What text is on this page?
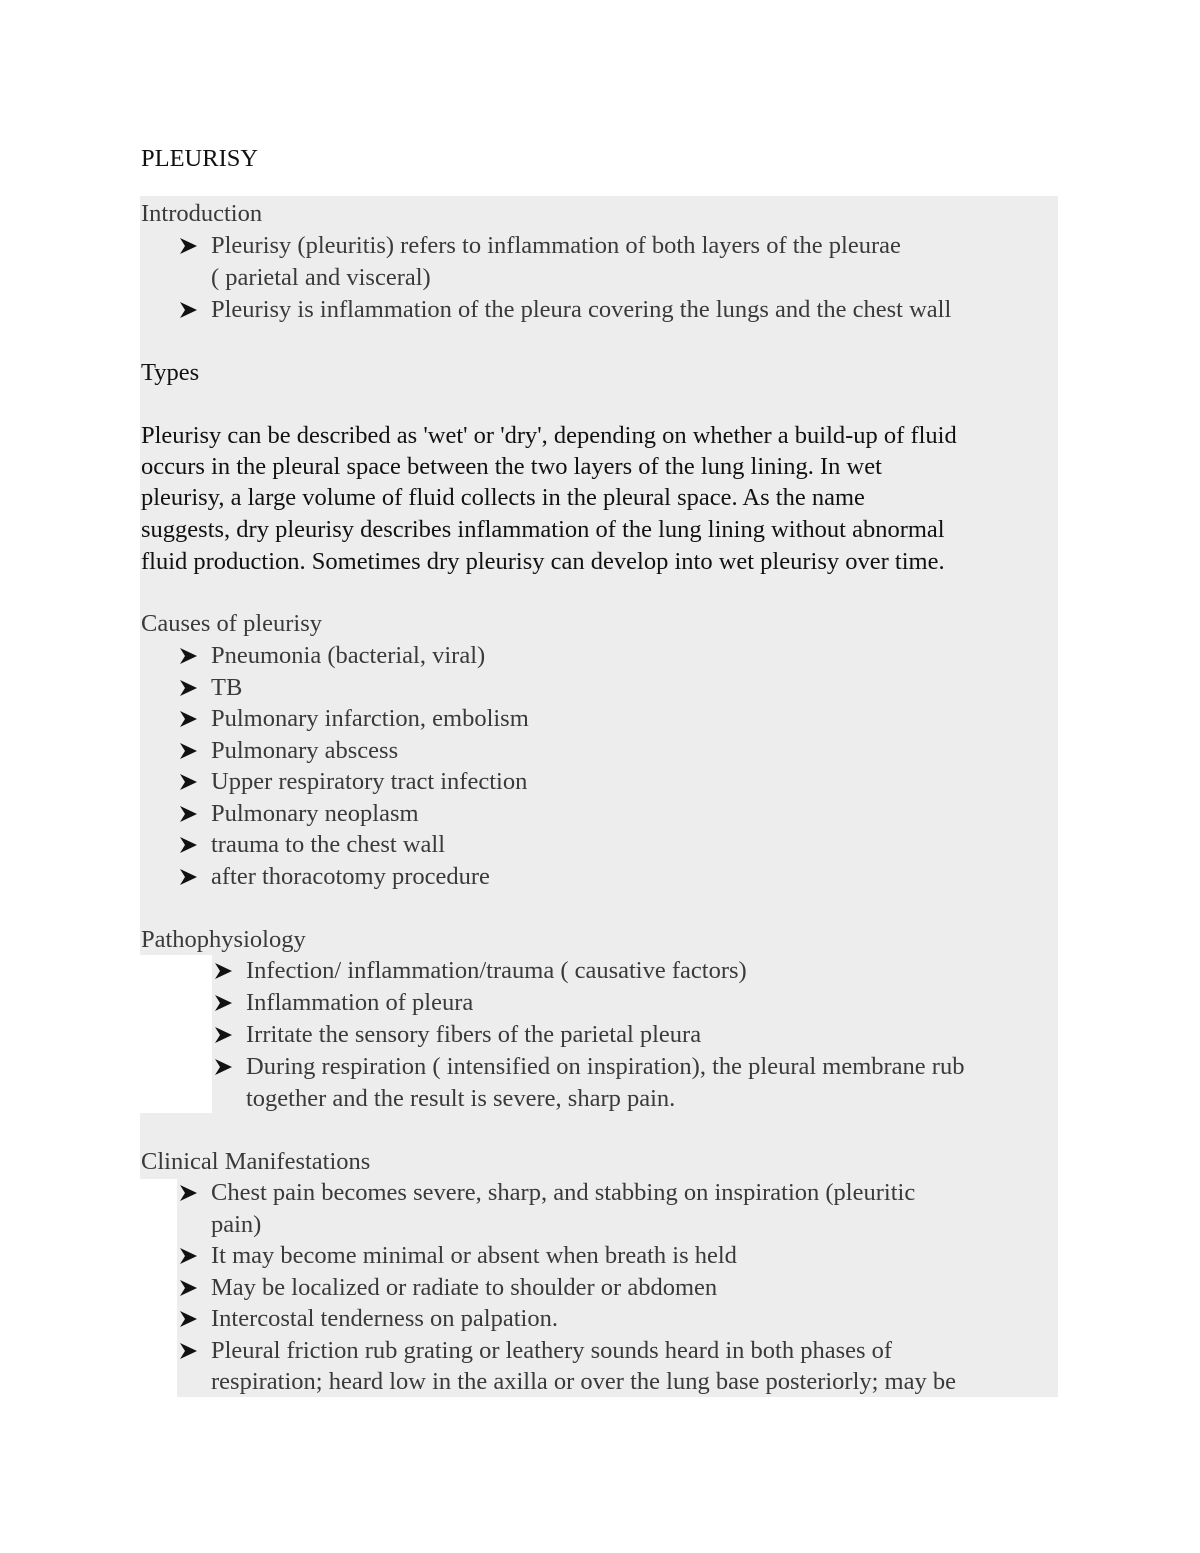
PLEURISY
Introduction
Pleurisy (pleuritis) refers to inflammation of both layers of the pleurae
( parietal and visceral)
Pleurisy is inflammation of the pleura covering the lungs and the chest wall
Types
Pleurisy can be described as 'wet' or 'dry', depending on whether a build-up of fluid
occurs in the pleural space between the two layers of the lung lining. In wet
pleurisy, a large volume of fluid collects in the pleural space. As the name
suggests, dry pleurisy describes inflammation of the lung lining without abnormal
fluid production. Sometimes dry pleurisy can develop into wet pleurisy over time.
Causes of pleurisy
Pneumonia (bacterial, viral)
TB
Pulmonary infarction, embolism
Pulmonary abscess
Upper respiratory tract infection
Pulmonary neoplasm
trauma to the chest wall
after thoracotomy procedure
Pathophysiology
Infection/ inflammation/trauma ( causative factors)
Inflammation of pleura
Irritate the sensory fibers of the parietal pleura
During respiration ( intensified on inspiration), the pleural membrane rub
together and the result is severe, sharp pain.
Clinical Manifestations
Chest pain becomes severe, sharp, and stabbing on inspiration (pleuritic
pain)
It may become minimal or absent when breath is held
May be localized or radiate to shoulder or abdomen
Intercostal tenderness on palpation.
Pleural friction rub grating or leathery sounds heard in both phases of
respiration; heard low in the axilla or over the lung base posteriorly; may be
